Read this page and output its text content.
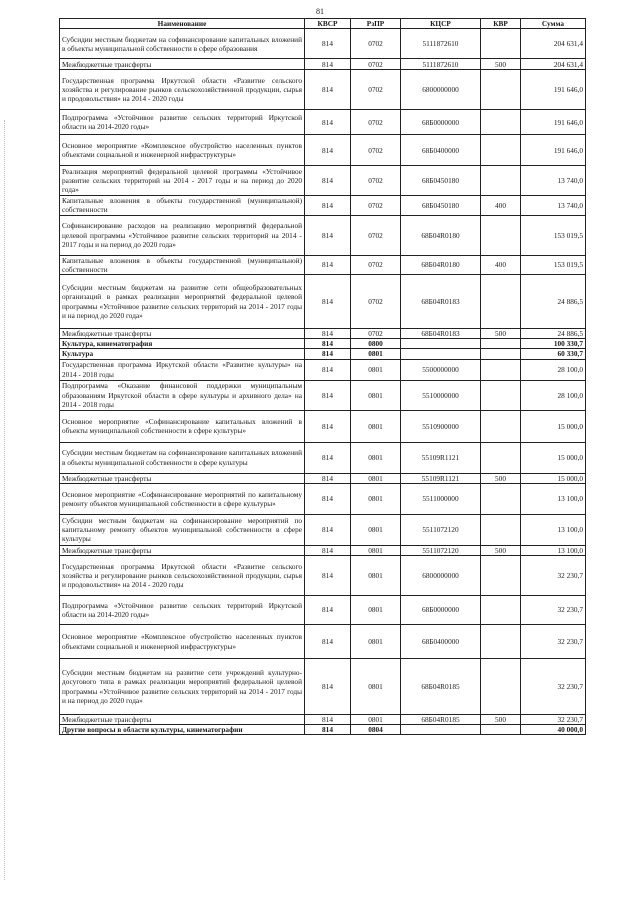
81
Наименование	КВСР	РзПР	КЦСР	КВР	Сумма
Субсидии местным бюджетам на софинансирование капитальных вложений в объекты муниципальной собственности в сфере образования	814	0702	5111872610		204 631,4
Межбюджетные трансферты	814	0702	5111872610	500	204 631,4
Государственная программа Иркутской области «Развитие сельского хозяйства и регулирование рынков сельскохозяйственной продукции, сырья и продовольствия» на 2014 - 2020 годы	814	0702	6800000000		191 646,0
Подпрограмма «Устойчивое развитие сельских территорий Иркутской области на 2014-2020 годы»	814	0702	68Б0000000		191 646,0
Основное мероприятие «Комплексное обустройство населенных пунктов объектами социальной и инженерной инфраструктуры»	814	0702	68Б0400000		191 646,0
Реализация мероприятий федеральной целевой программы «Устойчивое развитие сельских территорий на 2014 - 2017 годы и на период до 2020 года»	814	0702	68Б0450180		13 740,0
Капитальные вложения в объекты государственной (муниципальной) собственности	814	0702	68Б0450180	400	13 740,0
Софинансирование расходов на реализацию мероприятий федеральной целевой программы «Устойчивое развитие сельских территорий на 2014 - 2017 годы и на период до 2020 года»	814	0702	68Б04R0180		153 019,5
Капитальные вложения в объекты государственной (муниципальной) собственности	814	0702	68Б04R0180	400	153 019,5
Субсидии местным бюджетам на развитие сети общеобразовательных организаций в рамках реализации мероприятий федеральной целевой программы «Устойчивое развитие сельских территорий на 2014 - 2017 годы и на период до 2020 года»	814	0702	68Б04R0183		24 886,5
Межбюджетные трансферты	814	0702	68Б04R0183	500	24 886,5
Культура, кинематография	814	0800			100 330,7
Культура	814	0801			60 330,7
Государственная программа Иркутской области «Развитие культуры» на 2014 - 2018 годы	814	0801	5500000000		28 100,0
Подпрограмма «Оказание финансовой поддержки муниципальным образованиям Иркутской области в сфере культуры и архивного дела» на 2014 - 2018 годы	814	0801	5510000000		28 100,0
Основное мероприятие «Софинансирование капитальных вложений в объекты муниципальной собственности в сфере культуры»	814	0801	5510900000		15 000,0
Субсидии местным бюджетам на софинансирование капитальных вложений в объекты муниципальной собственности в сфере культуры	814	0801	55109R1121		15 000,0
Межбюджетные трансферты	814	0801	55109R1121	500	15 000,0
Основное мероприятие «Софинансирование мероприятий по капитальному ремонту объектов муниципальной собственности в сфере культуры»	814	0801	5511000000		13 100,0
Субсидии местным бюджетам на софинансирование мероприятий по капитальному ремонту объектов муниципальной собственности в сфере культуры	814	0801	5511072120		13 100,0
Межбюджетные трансферты	814	0801	5511072120	500	13 100,0
Государственная программа Иркутской области «Развитие сельского хозяйства и регулирование рынков сельскохозяйственной продукции, сырья и продовольствия» на 2014 - 2020 годы	814	0801	6800000000		32 230,7
Подпрограмма «Устойчивое развитие сельских территорий Иркутской области на 2014-2020 годы»	814	0801	68Б0000000		32 230,7
Основное мероприятие «Комплексное обустройство населенных пунктов объектами социальной и инженерной инфраструктуры»	814	0801	68Б0400000		32 230,7
Субсидии местным бюджетам на развитие сети учреждений культурно-досугового типа в рамках реализации мероприятий федеральной целевой программы «Устойчивое развитие сельских территорий на 2014 - 2017 годы и на период до 2020 года»	814	0801	68Б04R0185		32 230,7
Межбюджетные трансферты	814	0801	68Б04R0185	500	32 230,7
Другие вопросы в области культуры, кинематографии	814	0804			40 000,0
